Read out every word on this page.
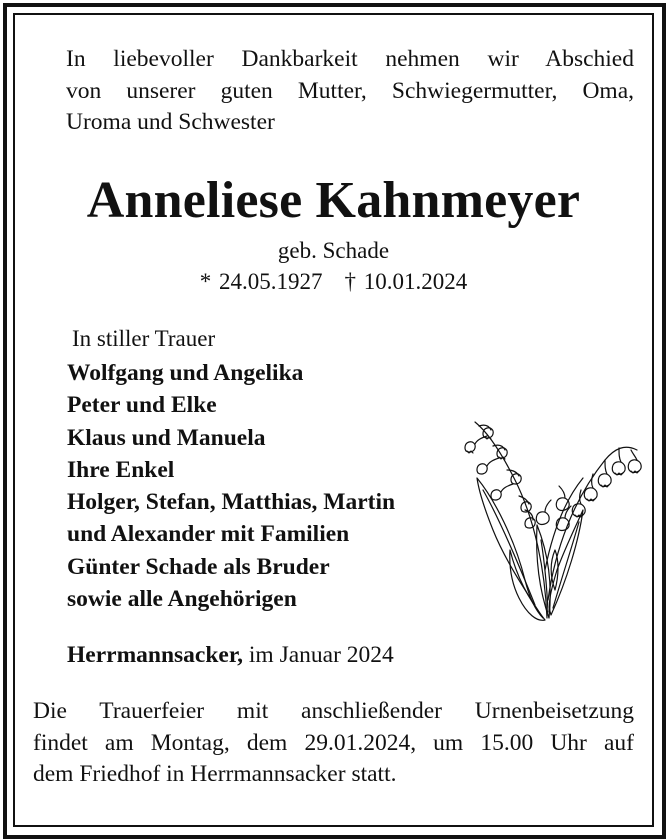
In liebevoller Dankbarkeit nehmen wir Abschied
von unserer guten Mutter, Schwiegermutter, Oma,
Uroma und Schwester
Anneliese Kahnmeyer
geb. Schade
* 24.05.1927 † 10.01.2024
In stiller Trauer
Wolfgang und Angelika
Peter und Elke
Klaus und Manuela
Ihre Enkel
Holger, Stefan, Matthias, Martin
und Alexander mit Familien
Günter Schade als Bruder
sowie alle Angehörigen
Herrmannsacker, im Januar 2024
Die Trauerfeier mit anschließender Urnenbeisetzung
findet am Montag, dem 29.01.2024, um 15.00 Uhr auf
dem Friedhof in Herrmannsacker statt.
